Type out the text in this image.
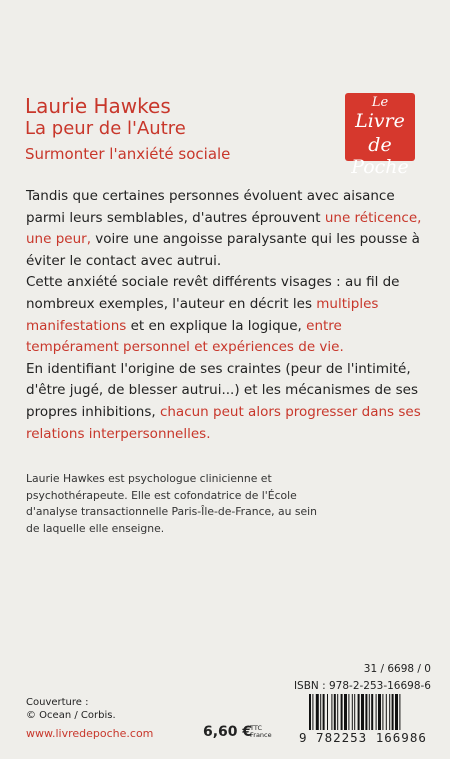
Laurie Hawkes
La peur de l'Autre
Surmonter l'anxiété sociale
Le
Livre
de Poche

Tandis que certaines personnes évoluent avec aisance parmi leurs semblables, d'autres éprouvent une réticence, une peur, voire une angoisse paralysante qui les pousse à éviter le contact avec autrui.

Cette anxiété sociale revêt différents visages : au fil de nombreux exemples, l'auteur en décrit les multiples manifestations et en explique la logique, entre tempérament personnel et expériences de vie.

En identifiant l'origine de ses craintes (peur de l'intimité, d'être jugé, de blesser autrui...) et les mécanismes de ses propres inhibitions, chacun peut alors progresser dans ses relations interpersonnelles.

Laurie Hawkes est psychologue clinicienne et psychothérapeute. Elle est cofondatrice de l'École d'analyse transactionnelle Paris-Île-de-France, au sein de laquelle elle enseigne.
31 / 6698 / 0
ISBN : 978-2-253-16698-6
9 782253 166986
Couverture :
© Ocean / Corbis.
www.livredepoche.com	6,60 €
TTC
France
